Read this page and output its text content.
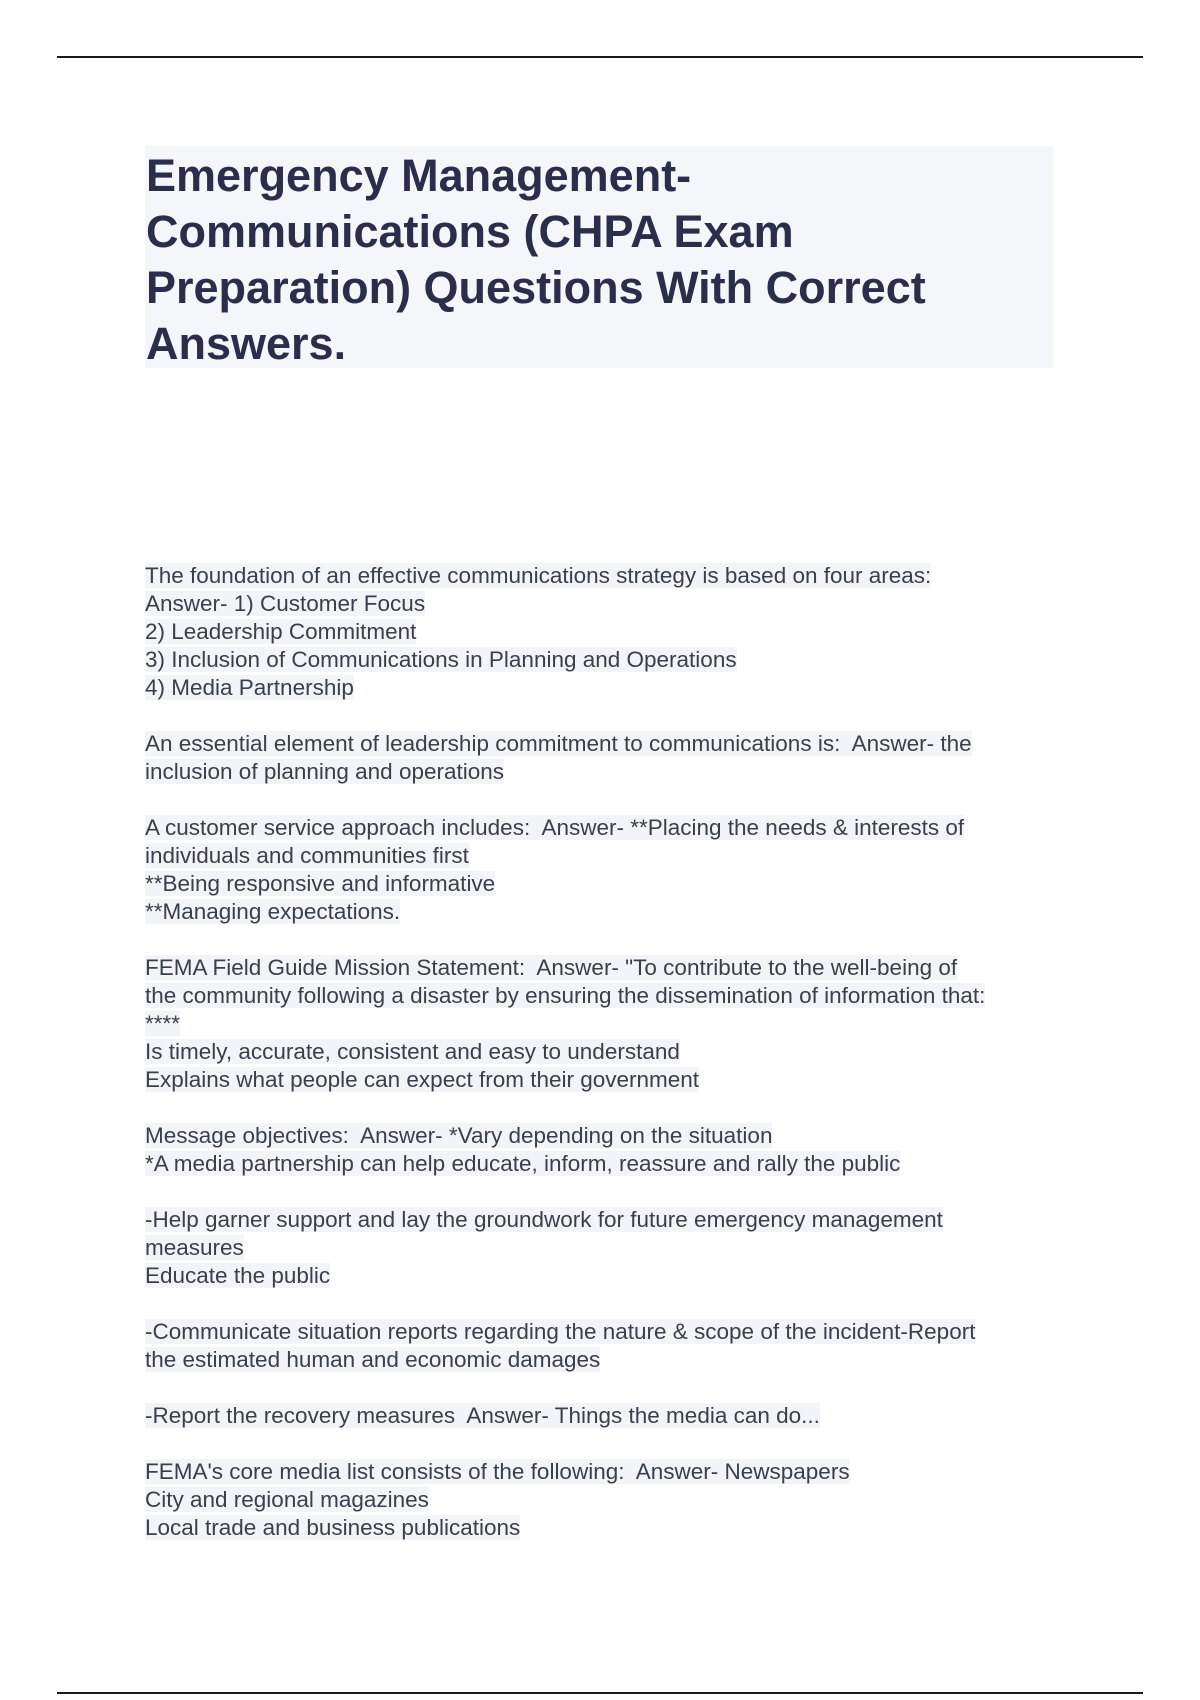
Emergency Management-Communications (CHPA Exam Preparation) Questions With Correct Answers.

The foundation of an effective communications strategy is based on four areas:
Answer- 1) Customer Focus
2) Leadership Commitment
3) Inclusion of Communications in Planning and Operations
4) Media Partnership

An essential element of leadership commitment to communications is:  Answer- the
inclusion of planning and operations

A customer service approach includes:  Answer- **Placing the needs & interests of
individuals and communities first
**Being responsive and informative
**Managing expectations.

FEMA Field Guide Mission Statement:  Answer- "To contribute to the well-being of
the community following a disaster by ensuring the dissemination of information that:
****
Is timely, accurate, consistent and easy to understand
Explains what people can expect from their government

Message objectives:  Answer- *Vary depending on the situation
*A media partnership can help educate, inform, reassure and rally the public

-Help garner support and lay the groundwork for future emergency management
measures
Educate the public

-Communicate situation reports regarding the nature & scope of the incident-Report
the estimated human and economic damages

-Report the recovery measures  Answer- Things the media can do...

FEMA's core media list consists of the following:  Answer- Newspapers
City and regional magazines
Local trade and business publications
